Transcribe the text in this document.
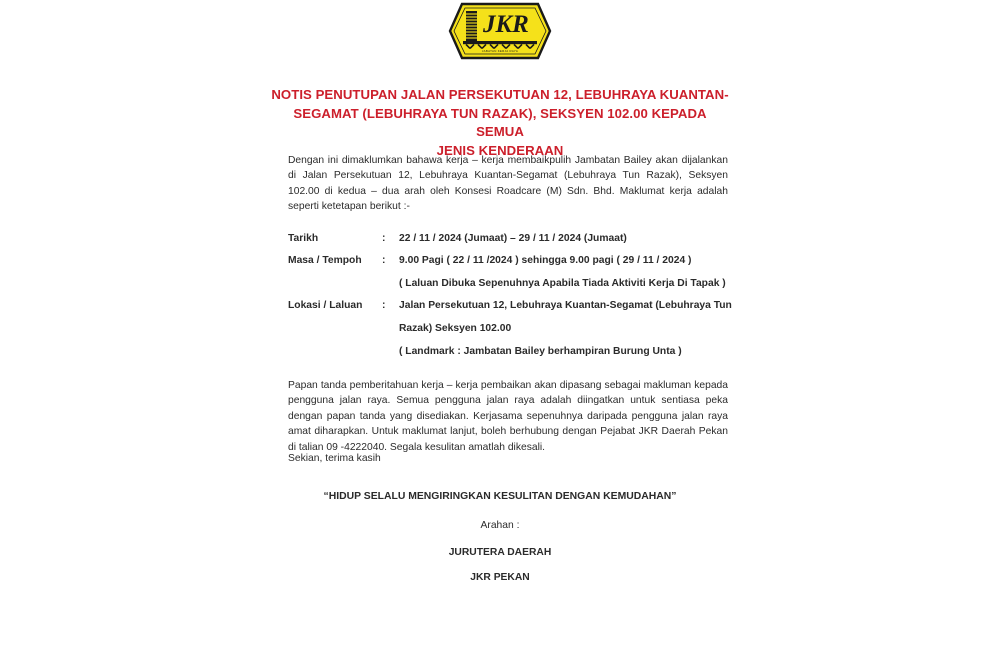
JKR
JABATAN KERJA RAYA
NOTIS PENUTUPAN JALAN PERSEKUTUAN 12, LEBUHRAYA KUANTAN-
SEGAMAT (LEBUHRAYA TUN RAZAK), SEKSYEN 102.00 KEPADA SEMUA
JENIS KENDERAAN
Dengan ini dimaklumkan bahawa kerja – kerja membaikpulih Jambatan Bailey akan dijalankan di Jalan Persekutuan 12, Lebuhraya Kuantan-Segamat (Lebuhraya Tun Razak), Seksyen 102.00 di kedua – dua arah oleh Konsesi Roadcare (M) Sdn. Bhd. Maklumat kerja adalah seperti ketetapan berikut :-
Tarikh	:	22 / 11 / 2024 (Jumaat) – 29 / 11 / 2024 (Jumaat)
Masa / Tempoh	:	9.00 Pagi ( 22 / 11 /2024 ) sehingga 9.00 pagi ( 29 / 11 / 2024 )
( Laluan Dibuka Sepenuhnya Apabila Tiada Aktiviti Kerja Di Tapak )
Lokasi / Laluan	:	Jalan Persekutuan 12, Lebuhraya Kuantan-Segamat (Lebuhraya Tun
Razak) Seksyen 102.00
( Landmark : Jambatan Bailey berhampiran Burung Unta )
Papan tanda pemberitahuan kerja – kerja pembaikan akan dipasang sebagai makluman kepada pengguna jalan raya. Semua pengguna jalan raya adalah diingatkan untuk sentiasa peka dengan papan tanda yang disediakan. Kerjasama sepenuhnya daripada pengguna jalan raya amat diharapkan. Untuk maklumat lanjut, boleh berhubung dengan Pejabat JKR Daerah Pekan di talian 09 -4222040. Segala kesulitan amatlah dikesali.
Sekian, terima kasih
“HIDUP SELALU MENGIRINGKAN KESULITAN DENGAN KEMUDAHAN”
Arahan :
JURUTERA DAERAH
JKR PEKAN
